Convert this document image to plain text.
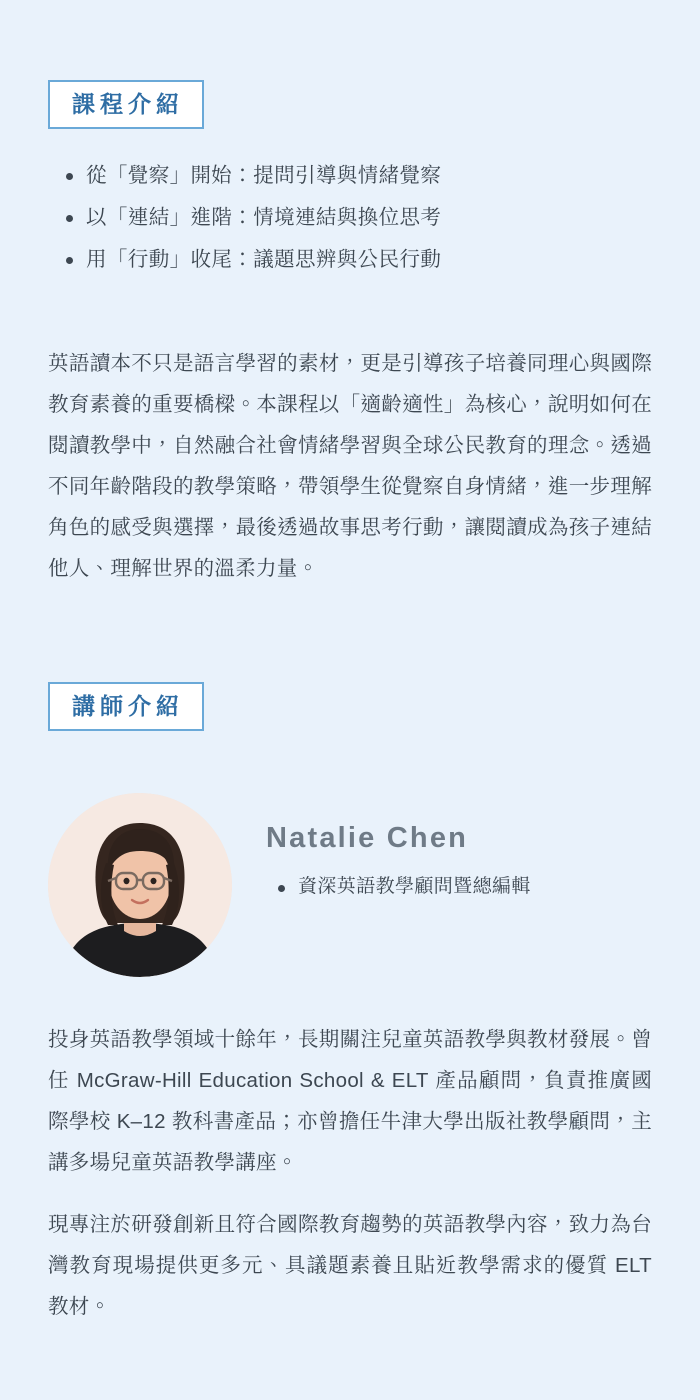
課程介紹
從「覺察」開始：提問引導與情緒覺察
以「連結」進階：情境連結與換位思考
用「行動」收尾：議題思辨與公民行動

英語讀本不只是語言學習的素材，更是引導孩子培養同理心與國際教育素養的重要橋樑。本課程以「適齡適性」為核心，說明如何在閱讀教學中，自然融合社會情緒學習與全球公民教育的理念。透過不同年齡階段的教學策略，帶領學生從覺察自身情緒，進一步理解角色的感受與選擇，最後透過故事思考行動，讓閱讀成為孩子連結他人、理解世界的溫柔力量。

講師介紹
Natalie Chen
資深英語教學顧問暨總編輯

投身英語教學領域十餘年，長期關注兒童英語教學與教材發展。曾任 McGraw-Hill Education School & ELT 產品顧問，負責推廣國際學校 K–12 教科書產品；亦曾擔任牛津大學出版社教學顧問，主講多場兒童英語教學講座。

現專注於研發創新且符合國際教育趨勢的英語教學內容，致力為台灣教育現場提供更多元、具議題素養且貼近教學需求的優質 ELT 教材。
